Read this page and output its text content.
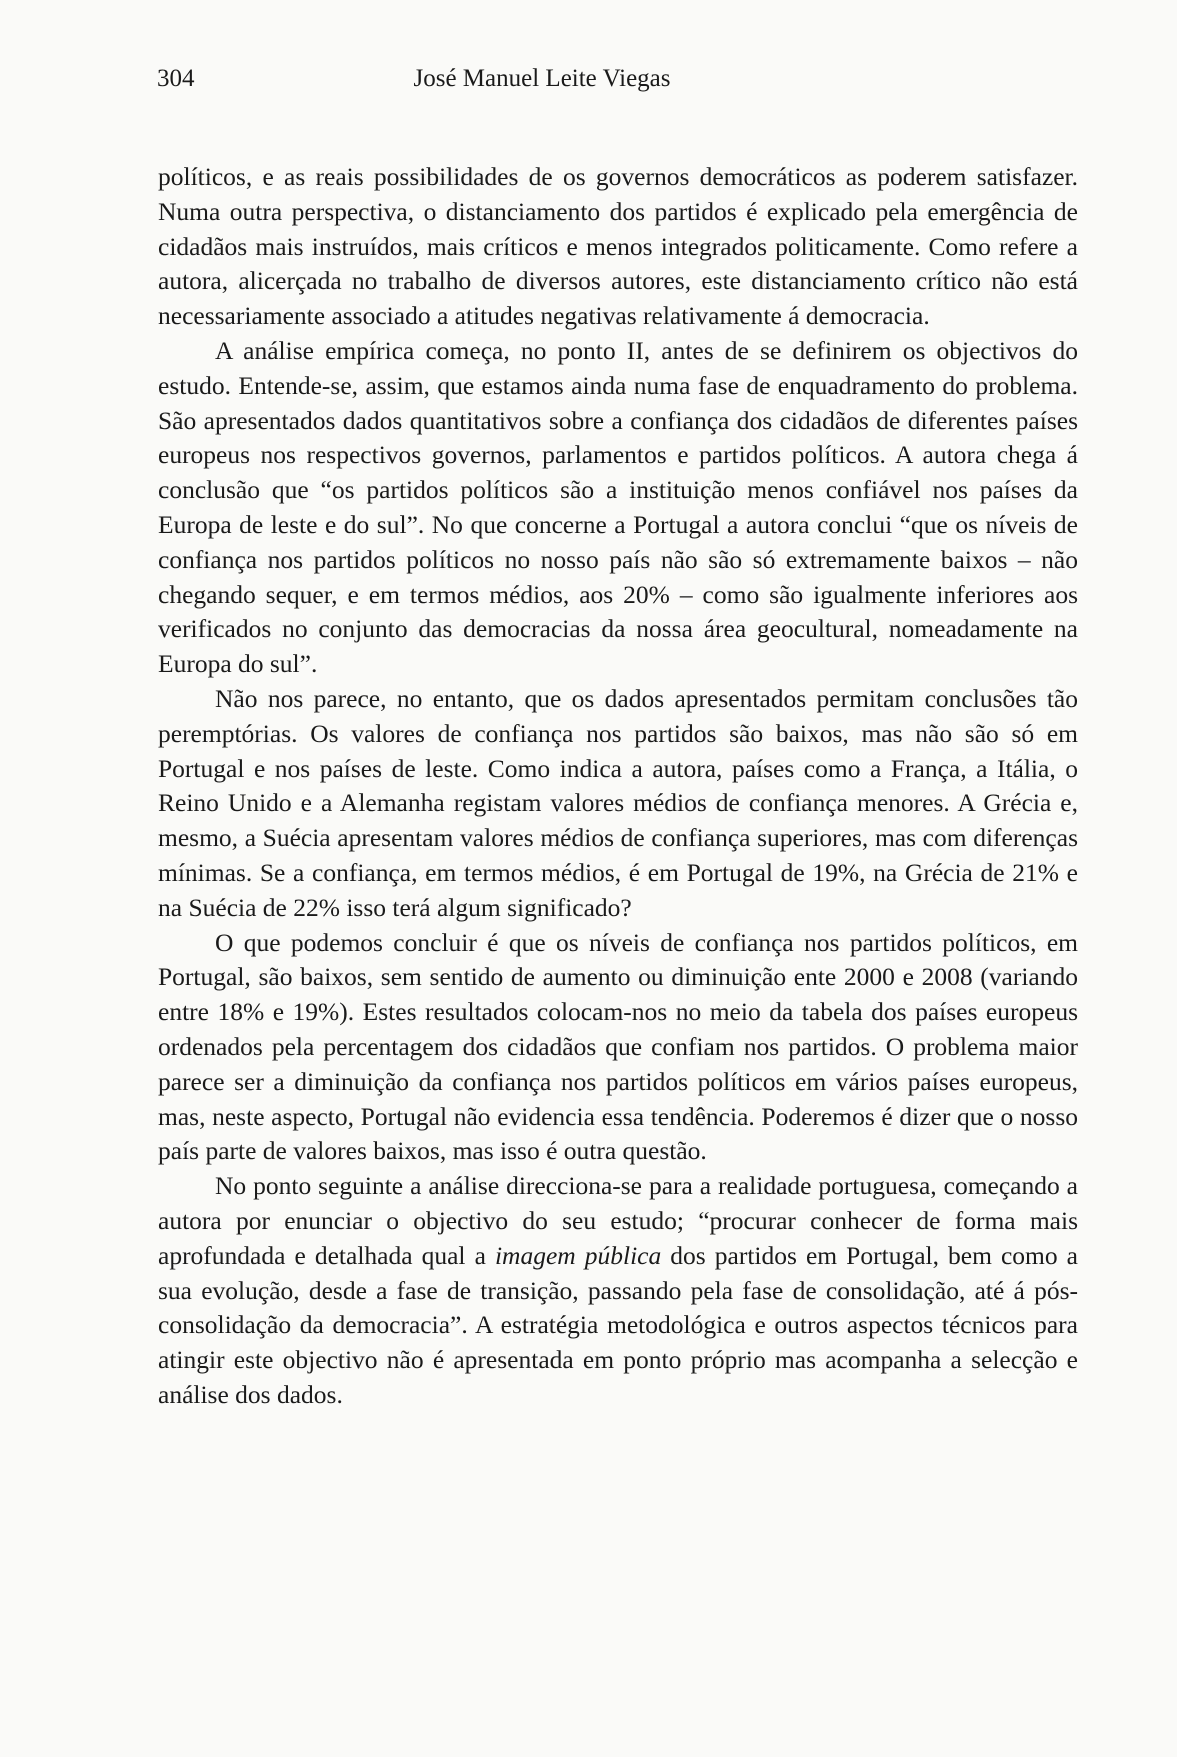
304	José Manuel Leite Viegas

políticos, e as reais possibilidades de os governos democráticos as poderem satisfazer. Numa outra perspectiva, o distanciamento dos partidos é explicado pela emergência de cidadãos mais instruídos, mais críticos e menos integrados politicamente. Como refere a autora, alicerçada no trabalho de diversos autores, este distanciamento crítico não está necessariamente associado a atitudes negativas relativamente á democracia.

A análise empírica começa, no ponto II, antes de se definirem os objectivos do estudo. Entende-se, assim, que estamos ainda numa fase de enquadramento do problema. São apresentados dados quantitativos sobre a confiança dos cidadãos de diferentes países europeus nos respectivos governos, parlamentos e partidos políticos. A autora chega á conclusão que “os partidos políticos são a instituição menos confiável nos países da Europa de leste e do sul”. No que concerne a Portugal a autora conclui “que os níveis de confiança nos partidos políticos no nosso país não são só extremamente baixos – não chegando sequer, e em termos médios, aos 20% – como são igualmente inferiores aos verificados no conjunto das democracias da nossa área geocultural, nomeadamente na Europa do sul”.

Não nos parece, no entanto, que os dados apresentados permitam conclusões tão peremptórias. Os valores de confiança nos partidos são baixos, mas não são só em Portugal e nos países de leste. Como indica a autora, países como a França, a Itália, o Reino Unido e a Alemanha registam valores médios de confiança menores. A Grécia e, mesmo, a Suécia apresentam valores médios de confiança superiores, mas com diferenças mínimas. Se a confiança, em termos médios, é em Portugal de 19%, na Grécia de 21% e na Suécia de 22% isso terá algum significado?

O que podemos concluir é que os níveis de confiança nos partidos políticos, em Portugal, são baixos, sem sentido de aumento ou diminuição ente 2000 e 2008 (variando entre 18% e 19%). Estes resultados colocam-nos no meio da tabela dos países europeus ordenados pela percentagem dos cidadãos que confiam nos partidos. O problema maior parece ser a diminuição da confiança nos partidos políticos em vários países europeus, mas, neste aspecto, Portugal não evidencia essa tendência. Poderemos é dizer que o nosso país parte de valores baixos, mas isso é outra questão.

No ponto seguinte a análise direcciona-se para a realidade portuguesa, começando a autora por enunciar o objectivo do seu estudo; “procurar conhecer de forma mais aprofundada e detalhada qual a imagem pública dos partidos em Portugal, bem como a sua evolução, desde a fase de transição, passando pela fase de consolidação, até á pós-consolidação da democracia”. A estratégia metodológica e outros aspectos técnicos para atingir este objectivo não é apresentada em ponto próprio mas acompanha a selecção e análise dos dados.
